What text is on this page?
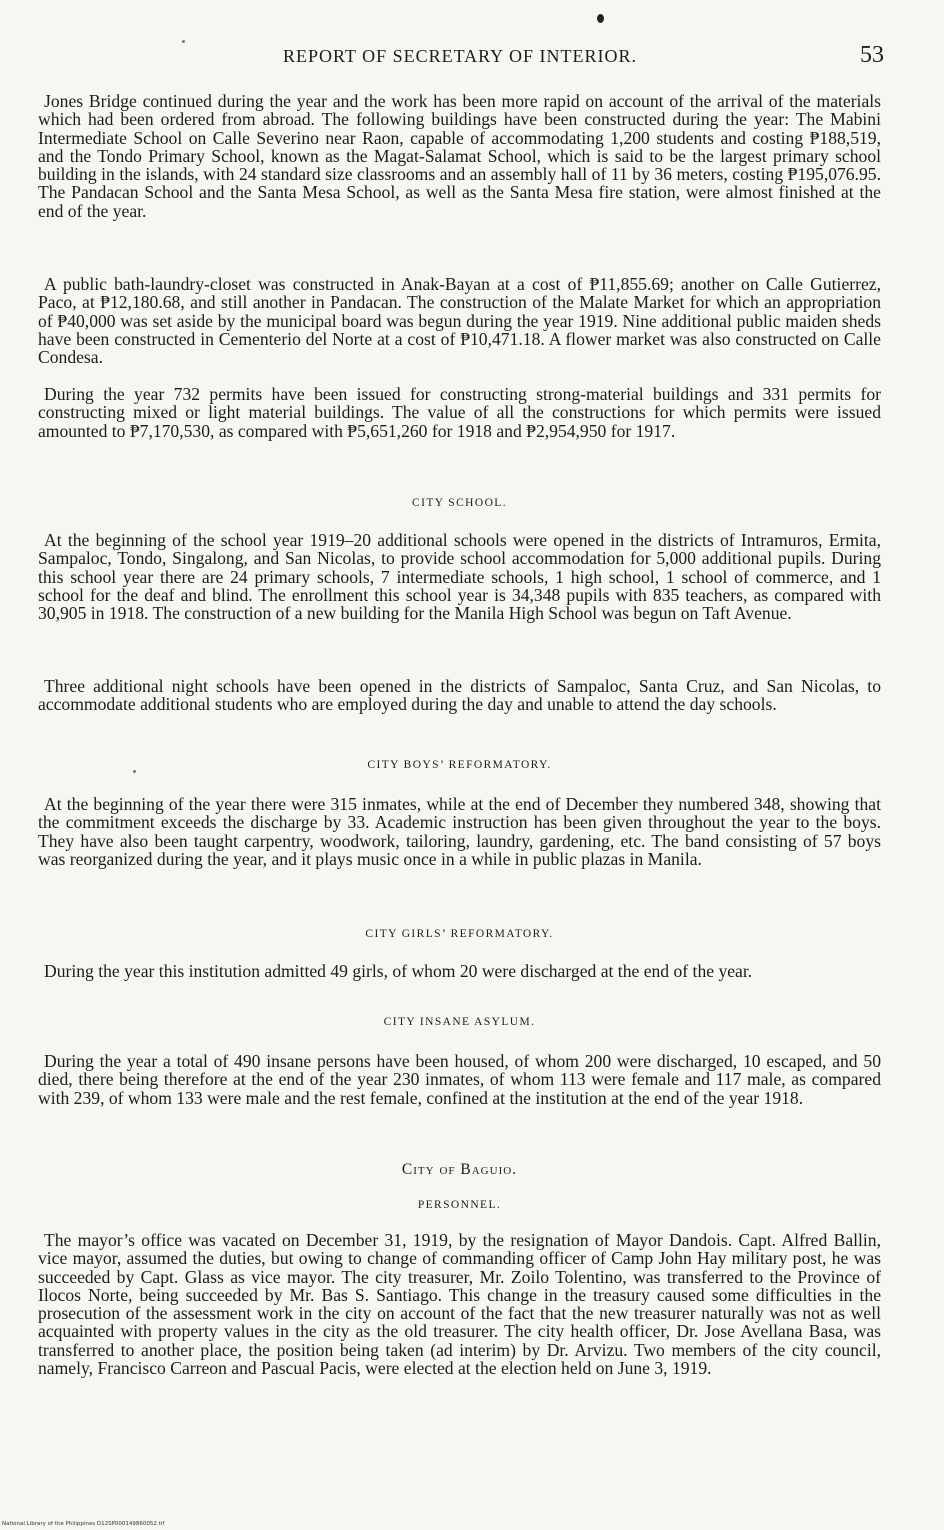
REPORT OF SECRETARY OF INTERIOR.	53

Jones Bridge continued during the year and the work has been more rapid on account of the arrival of the materials which had been ordered from abroad. The following buildings have been constructed during the year: The Mabini Intermediate School on Calle Severino near Raon, capable of accommodating 1,200 students and costing ₱188,519, and the Tondo Primary School, known as the Magat-Salamat School, which is said to be the largest primary school building in the islands, with 24 standard size classrooms and an assembly hall of 11 by 36 meters, costing ₱195,076.95. The Pandacan School and the Santa Mesa School, as well as the Santa Mesa fire station, were almost finished at the end of the year.

A public bath-laundry-closet was constructed in Anak-Bayan at a cost of ₱11,855.69; another on Calle Gutierrez, Paco, at ₱12,180.68, and still another in Pandacan. The construction of the Malate Market for which an appropriation of ₱40,000 was set aside by the municipal board was begun during the year 1919. Nine additional public maiden sheds have been constructed in Cementerio del Norte at a cost of ₱10,471.18. A flower market was also constructed on Calle Condesa.

During the year 732 permits have been issued for constructing strong-material buildings and 331 permits for constructing mixed or light material buildings. The value of all the constructions for which permits were issued amounted to ₱7,170,530, as compared with ₱5,651,260 for 1918 and ₱2,954,950 for 1917.

CITY SCHOOL.

At the beginning of the school year 1919–20 additional schools were opened in the districts of Intramuros, Ermita, Sampaloc, Tondo, Singalong, and San Nicolas, to provide school accommodation for 5,000 additional pupils. During this school year there are 24 primary schools, 7 intermediate schools, 1 high school, 1 school of commerce, and 1 school for the deaf and blind. The enrollment this school year is 34,348 pupils with 835 teachers, as compared with 30,905 in 1918. The construction of a new building for the Manila High School was begun on Taft Avenue.

Three additional night schools have been opened in the districts of Sampaloc, Santa Cruz, and San Nicolas, to accommodate additional students who are employed during the day and unable to attend the day schools.

CITY BOYS’ REFORMATORY.

At the beginning of the year there were 315 inmates, while at the end of December they numbered 348, showing that the commitment exceeds the discharge by 33. Academic instruction has been given throughout the year to the boys. They have also been taught carpentry, woodwork, tailoring, laundry, gardening, etc. The band consisting of 57 boys was reorganized during the year, and it plays music once in a while in public plazas in Manila.

CITY GIRLS’ REFORMATORY.

During the year this institution admitted 49 girls, of whom 20 were discharged at the end of the year.

CITY INSANE ASYLUM.

During the year a total of 490 insane persons have been housed, of whom 200 were discharged, 10 escaped, and 50 died, there being therefore at the end of the year 230 inmates, of whom 113 were female and 117 male, as compared with 239, of whom 133 were male and the rest female, confined at the institution at the end of the year 1918.

City of Baguio.
PERSONNEL.

The mayor’s office was vacated on December 31, 1919, by the resignation of Mayor Dandois. Capt. Alfred Ballin, vice mayor, assumed the duties, but owing to change of commanding officer of Camp John Hay military post, he was succeeded by Capt. Glass as vice mayor. The city treasurer, Mr. Zoilo Tolentino, was transferred to the Province of Ilocos Norte, being succeeded by Mr. Bas S. Santiago. This change in the treasury caused some difficulties in the prosecution of the assessment work in the city on account of the fact that the new treasurer naturally was not as well acquainted with property values in the city as the old treasurer. The city health officer, Dr. Jose Avellana Basa, was transferred to another place, the position being taken (ad interim) by Dr. Arvizu. Two members of the city council, namely, Francisco Carreon and Pascual Pacis, were elected at the election held on June 3, 1919.

National Library of the Philippines D12SP000149860052.tif
